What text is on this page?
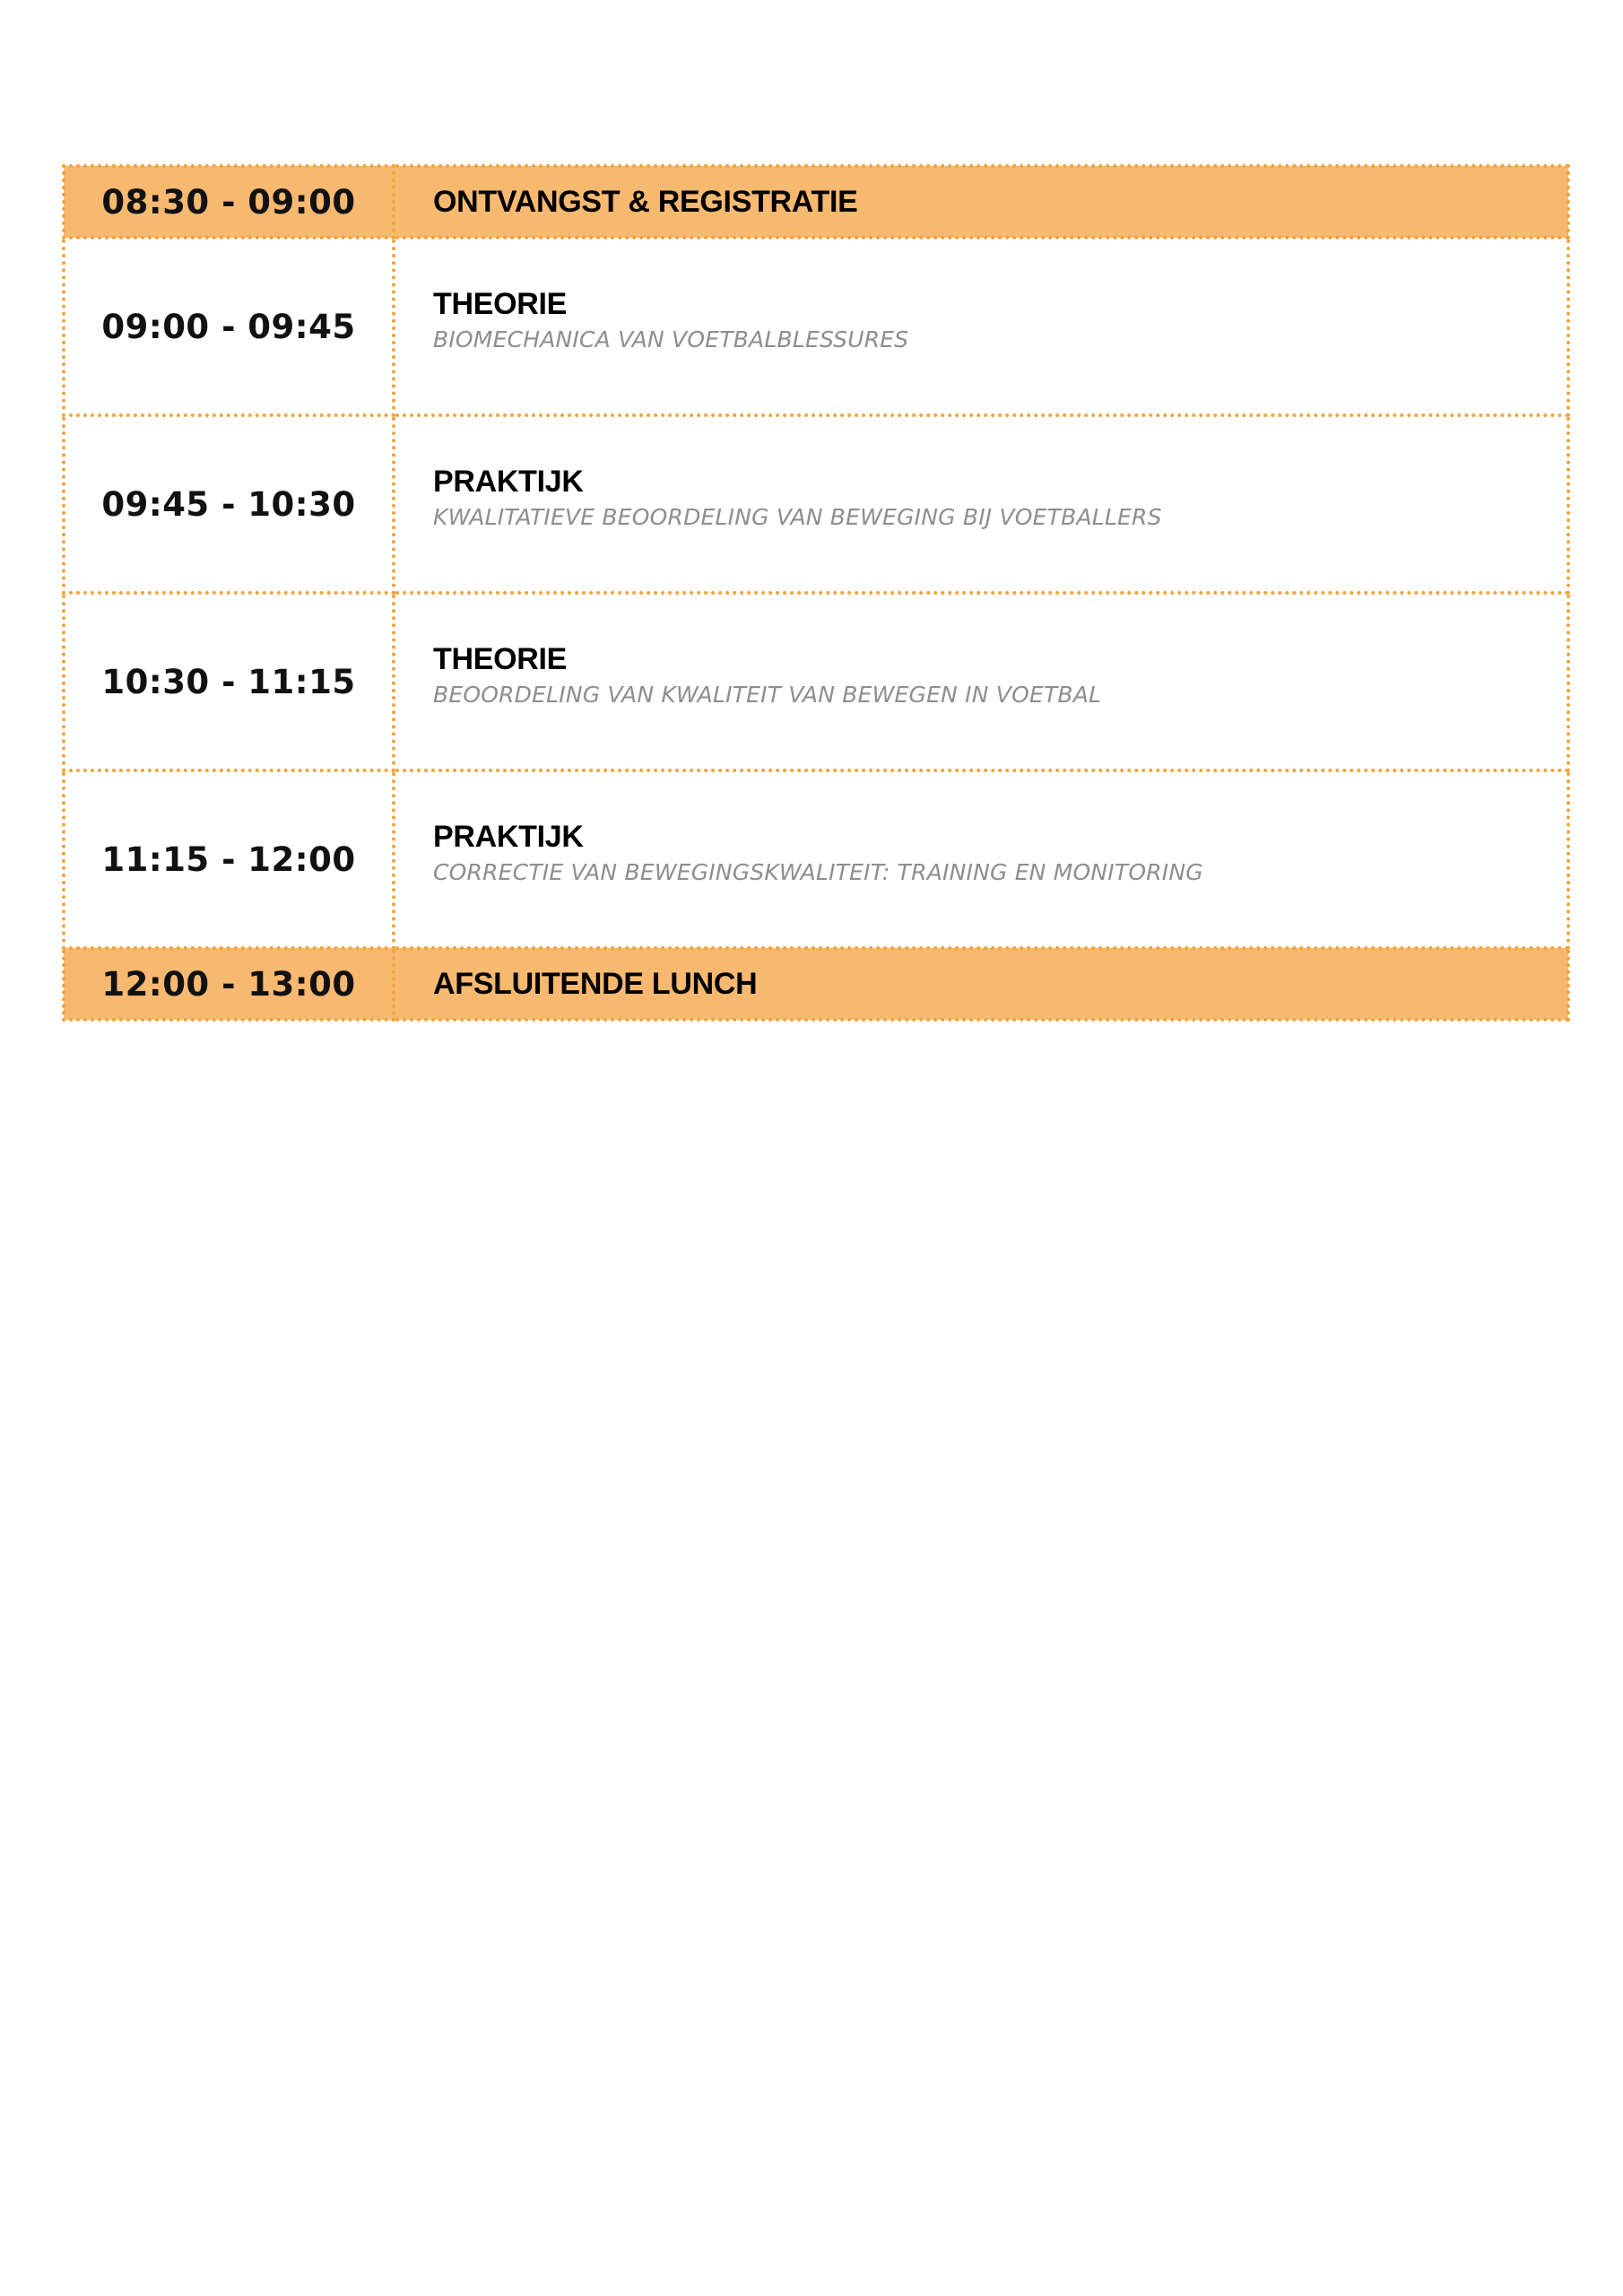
08:30 - 09:00	ONTVANGST & REGISTRATIE

09:00 - 09:45	THEORIE
BIOMECHANICA VAN VOETBALBLESSURES

09:45 - 10:30	PRAKTIJK
KWALITATIEVE BEOORDELING VAN BEWEGING BIJ VOETBALLERS

10:30 - 11:15	THEORIE
BEOORDELING VAN KWALITEIT VAN BEWEGEN IN VOETBAL

11:15 - 12:00	PRAKTIJK
CORRECTIE VAN BEWEGINGSKWALITEIT: TRAINING EN MONITORING

12:00 - 13:00	AFSLUITENDE LUNCH
